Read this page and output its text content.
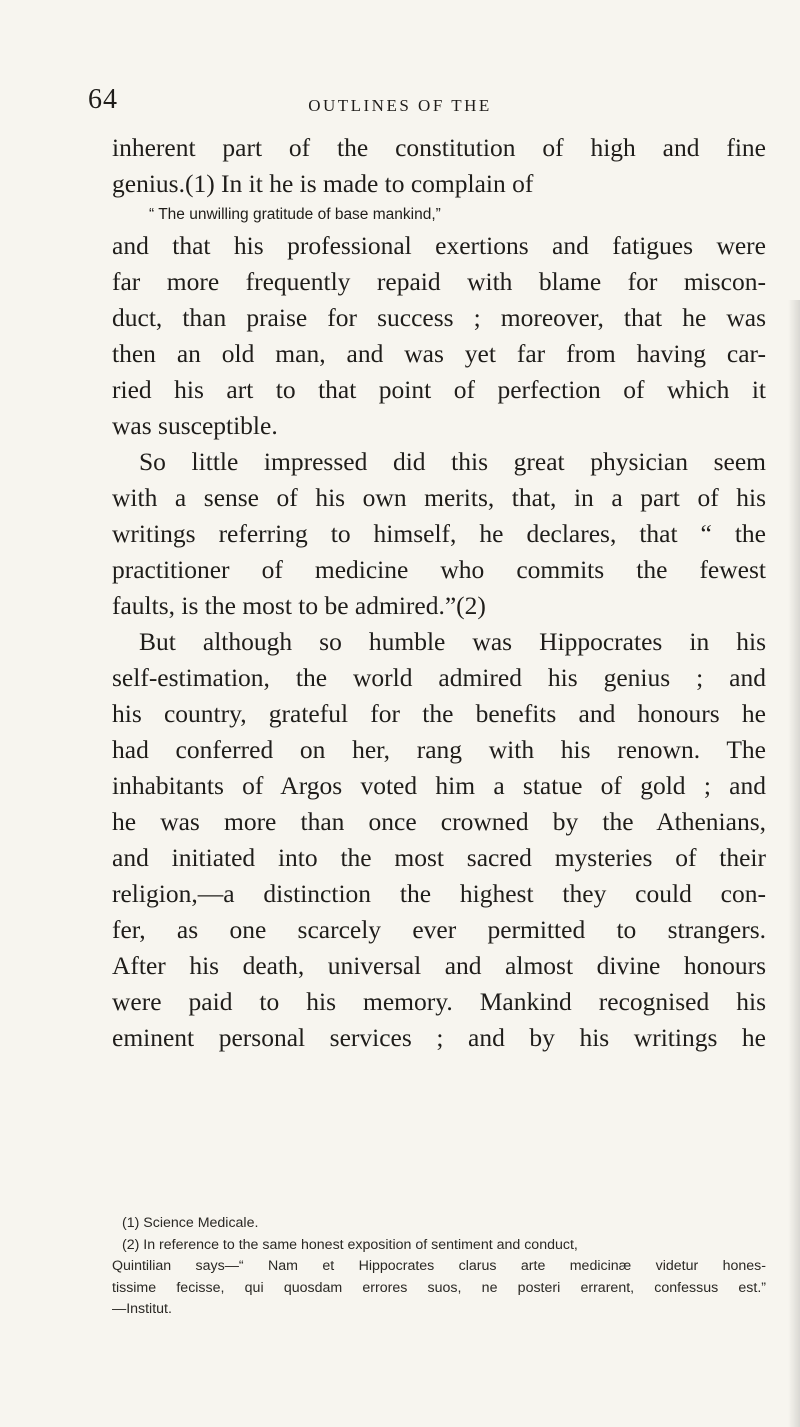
64	OUTLINES OF THE
inherent part of the constitution of high and fine
genius.(1) In it he is made to complain of
“ The unwilling gratitude of base mankind,”
and that his professional exertions and fatigues were
far more frequently repaid with blame for miscon-
duct, than praise for success ; moreover, that he was
then an old man, and was yet far from having car-
ried his art to that point of perfection of which it
was susceptible.
So little impressed did this great physician seem
with a sense of his own merits, that, in a part of his
writings referring to himself, he declares, that “ the
practitioner of medicine who commits the fewest
faults, is the most to be admired.”(2)
But although so humble was Hippocrates in his
self-estimation, the world admired his genius ; and
his country, grateful for the benefits and honours he
had conferred on her, rang with his renown. The
inhabitants of Argos voted him a statue of gold ; and
he was more than once crowned by the Athenians,
and initiated into the most sacred mysteries of their
religion,—a distinction the highest they could con-
fer, as one scarcely ever permitted to strangers.
After his death, universal and almost divine honours
were paid to his memory. Mankind recognised his
eminent personal services ; and by his writings he
(1) Science Medicale.
(2) In reference to the same honest exposition of sentiment and conduct,
Quintilian says—“ Nam et Hippocrates clarus arte medicinæ videtur hones-
tissime fecisse, qui quosdam errores suos, ne posteri errarent, confessus est.”
—Institut.
